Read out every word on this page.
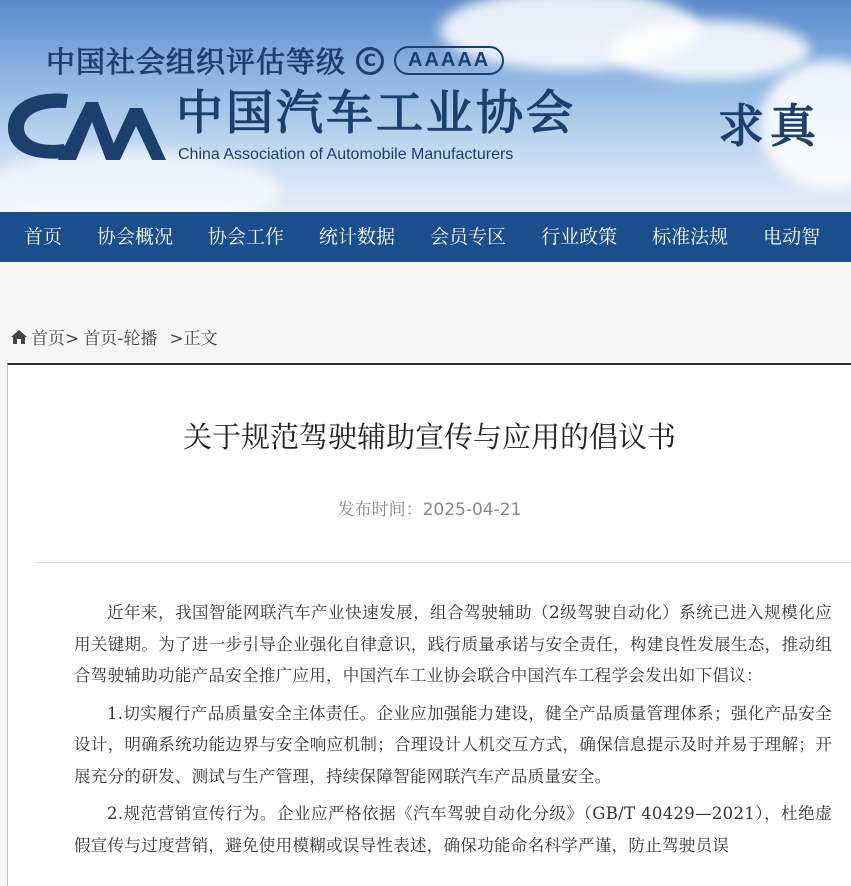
中国社会组织评估等级	C	AAAAA
中国汽车工业协会
China Association of Automobile Manufacturers
求真
首页	协会概况	协会工作	统计数据	会员专区	行业政策	标准法规	电动智
首页> 首页-轮播 >正文
关于规范驾驶辅助宣传与应用的倡议书
发布时间：2025-04-21

近年来，我国智能网联汽车产业快速发展，组合驾驶辅助（2级驾驶自动化）系统已进入规模化应用关键期。为了进一步引导企业强化自律意识，践行质量承诺与安全责任，构建良性发展生态，推动组合驾驶辅助功能产品安全推广应用，中国汽车工业协会联合中国汽车工程学会发出如下倡议：

1.切实履行产品质量安全主体责任。企业应加强能力建设，健全产品质量管理体系；强化产品安全设计，明确系统功能边界与安全响应机制；合理设计人机交互方式，确保信息提示及时并易于理解；开展充分的研发、测试与生产管理，持续保障智能网联汽车产品质量安全。

2.规范营销宣传行为。企业应严格依据《汽车驾驶自动化分级》（GB/T 40429—2021），杜绝虚假宣传与过度营销，避免使用模糊或误导性表述，确保功能命名科学严谨，防止驾驶员误
